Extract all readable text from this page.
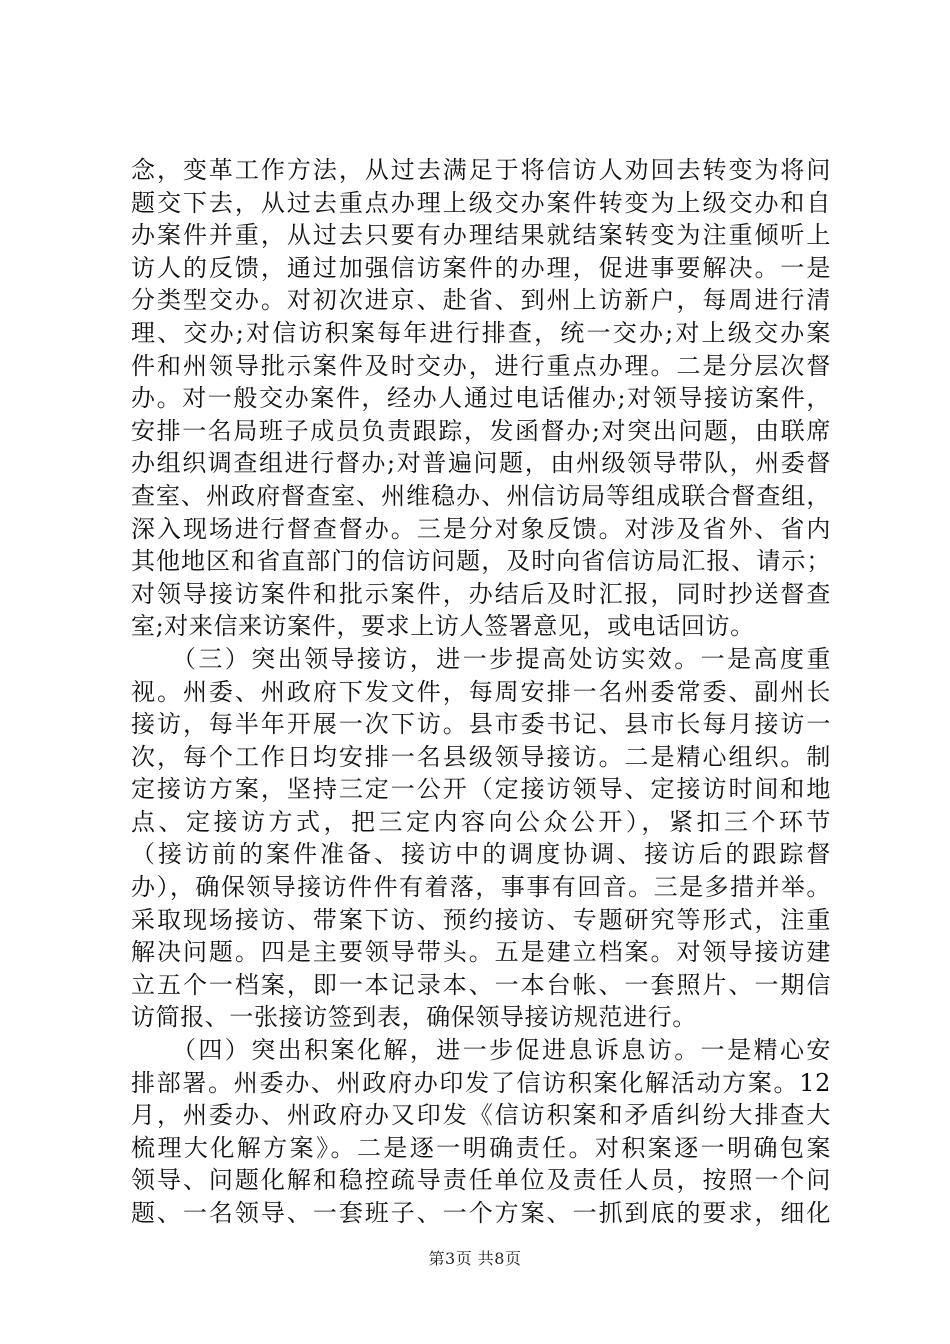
念，变革工作方法，从过去满足于将信访人劝回去转变为将问
题交下去，从过去重点办理上级交办案件转变为上级交办和自
办案件并重，从过去只要有办理结果就结案转变为注重倾听上
访人的反馈，通过加强信访案件的办理，促进事要解决。一是
分类型交办。对初次进京、赴省、到州上访新户，每周进行清
理、交办;对信访积案每年进行排查，统一交办;对上级交办案
件和州领导批示案件及时交办，进行重点办理。二是分层次督
办。对一般交办案件，经办人通过电话催办;对领导接访案件，
安排一名局班子成员负责跟踪，发函督办;对突出问题，由联席
办组织调查组进行督办;对普遍问题，由州级领导带队，州委督
查室、州政府督查室、州维稳办、州信访局等组成联合督查组，
深入现场进行督查督办。三是分对象反馈。对涉及省外、省内
其他地区和省直部门的信访问题，及时向省信访局汇报、请示；
对领导接访案件和批示案件，办结后及时汇报，同时抄送督查
室;对来信来访案件，要求上访人签署意见，或电话回访。
　　（三）突出领导接访，进一步提高处访实效。一是高度重
视。州委、州政府下发文件，每周安排一名州委常委、副州长
接访，每半年开展一次下访。县市委书记、县市长每月接访一
次，每个工作日均安排一名县级领导接访。二是精心组织。制
定接访方案，坚持三定一公开（定接访领导、定接访时间和地
点、定接访方式，把三定内容向公众公开），紧扣三个环节
（接访前的案件准备、接访中的调度协调、接访后的跟踪督
办），确保领导接访件件有着落，事事有回音。三是多措并举。
采取现场接访、带案下访、预约接访、专题研究等形式，注重
解决问题。四是主要领导带头。五是建立档案。对领导接访建
立五个一档案，即一本记录本、一本台帐、一套照片、一期信
访简报、一张接访签到表，确保领导接访规范进行。
　　（四）突出积案化解，进一步促进息诉息访。一是精心安
排部署。州委办、州政府办印发了信访积案化解活动方案。12
月，州委办、州政府办又印发《信访积案和矛盾纠纷大排查大
梳理大化解方案》。二是逐一明确责任。对积案逐一明确包案
领导、问题化解和稳控疏导责任单位及责任人员，按照一个问
题、一名领导、一套班子、一个方案、一抓到底的要求，细化
第3页 共8页
